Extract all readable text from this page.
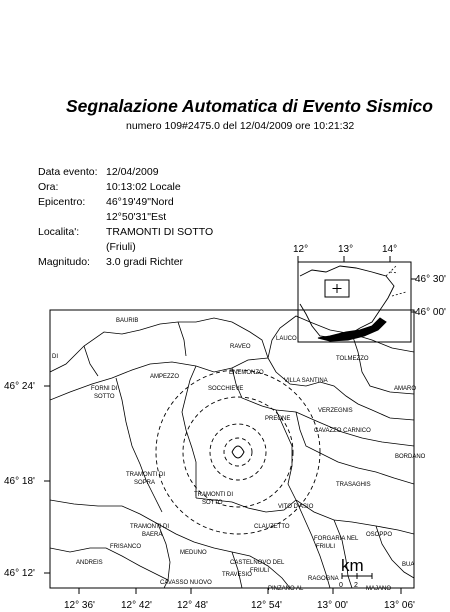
Segnalazione Automatica di Evento Sismico
numero 109#2475.0 del 12/04/2009 ore 10:21:32
Data evento: 12/04/2009
Ora:	10:13:02 Locale
Epicentro: 46°19'49"Nord
12°50'31"Est
Localita':	TRAMONTI DI SOTTO
(Friuli)
Magnitudo: 3.0 gradi Richter
12°	13°	14°
46° 30'
46° 00'
BAURIB
RAVEO
LAUCO
TOLMEZZO
DI
AMPEZZO
ENEMONZO
SOCCHIEVE
VILLA SANTINA
AMARO
FORNI DI
SOTTO
PREONE
VERZEGNIS
CAVAZZO CARNICO
BORDANO
TRAMONTI DI
SOPRA	TRASAGHIS
TRAMONTI DI
SOTTO
VITO D'ASIO
TRAMONTI DI
BAERA
CLAUZETTO
FORGARIA NEL
FRIULI
OSOPPO
ANDREIS
FRISANCO
MEDUNO
CASTELNOVO DEL
FRIULI
TRAVESIO
CAVASSO NUOVO
PINZANO AL
RAGOGNA
MAJANO
BUA
km
0 2
12° 36'	12° 42'	12° 48'	12° 54'	13° 00'	13° 06'
46° 24'
46° 18'
46° 12'
